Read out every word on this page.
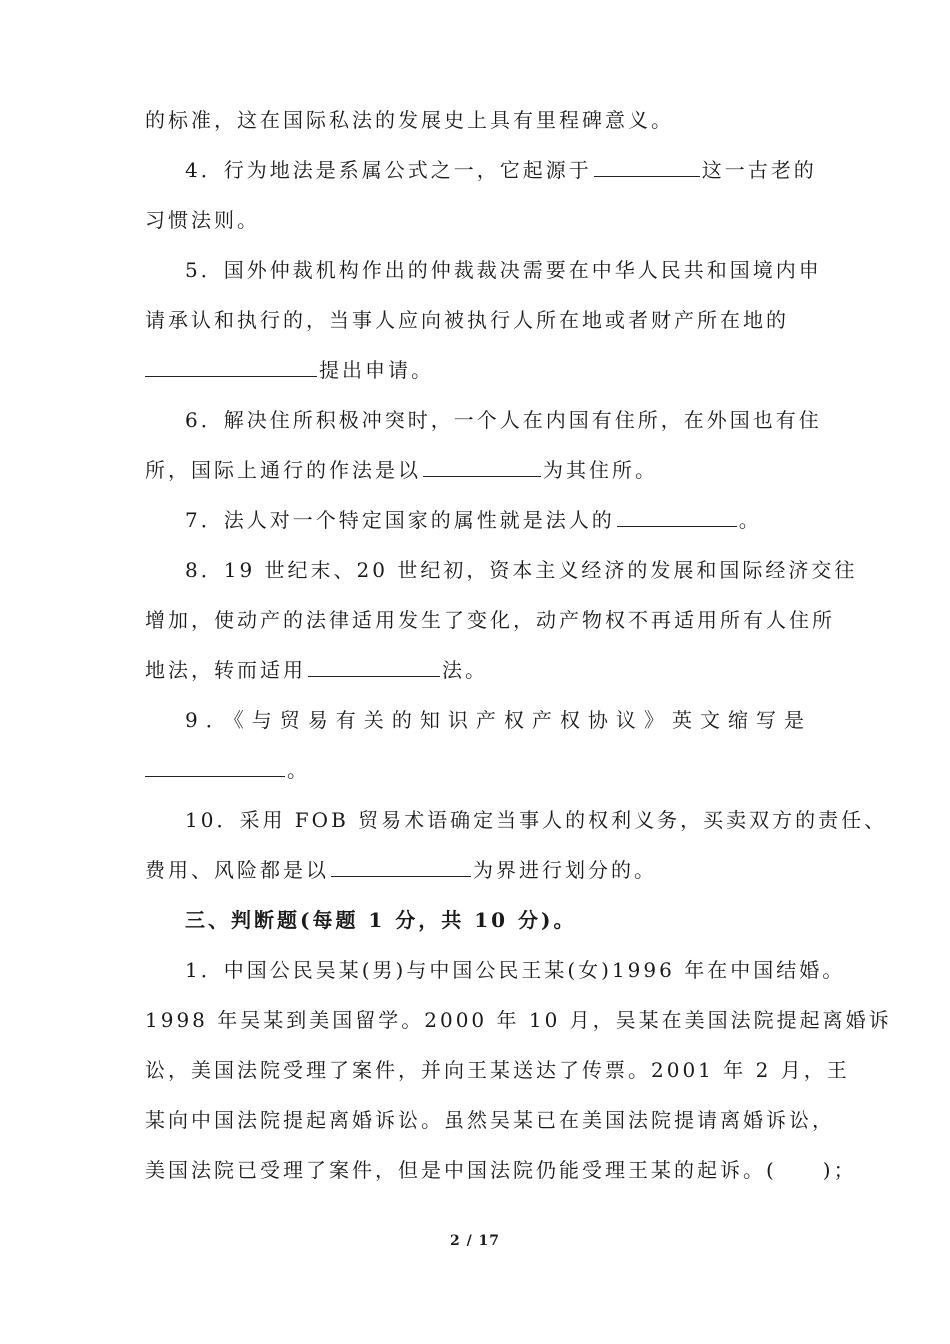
的标准，这在国际私法的发展史上具有里程碑意义。
4．行为地法是系属公式之一，它起源于	这一古老的
习惯法则。
5．国外仲裁机构作出的仲裁裁决需要在中华人民共和国境内申
请承认和执行的，当事人应向被执行人所在地或者财产所在地的
提出申请。
6．解决住所积极冲突时，一个人在内国有住所，在外国也有住
所，国际上通行的作法是以	为其住所。
7．法人对一个特定国家的属性就是法人的	。
8．19 世纪末、20 世纪初，资本主义经济的发展和国际经济交往
增加，使动产的法律适用发生了变化，动产物权不再适用所有人住所
地法，转而适用	法。
9．《与贸易有关的知识产权产权协议》英文缩写是
。
10．采用 FOB 贸易术语确定当事人的权利义务，买卖双方的责任、
费用、风险都是以	为界进行划分的。
三、判断题(每题 1 分，共 10 分)。
1．中国公民吴某(男)与中国公民王某(女)1996 年在中国结婚。
1998 年吴某到美国留学。2000 年 10 月，吴某在美国法院提起离婚诉
讼，美国法院受理了案件，并向王某送达了传票。2001 年 2 月，王
某向中国法院提起离婚诉讼。虽然吴某已在美国法院提请离婚诉讼，
美国法院已受理了案件，但是中国法院仍能受理王某的起诉。(　　)；
2 / 17
